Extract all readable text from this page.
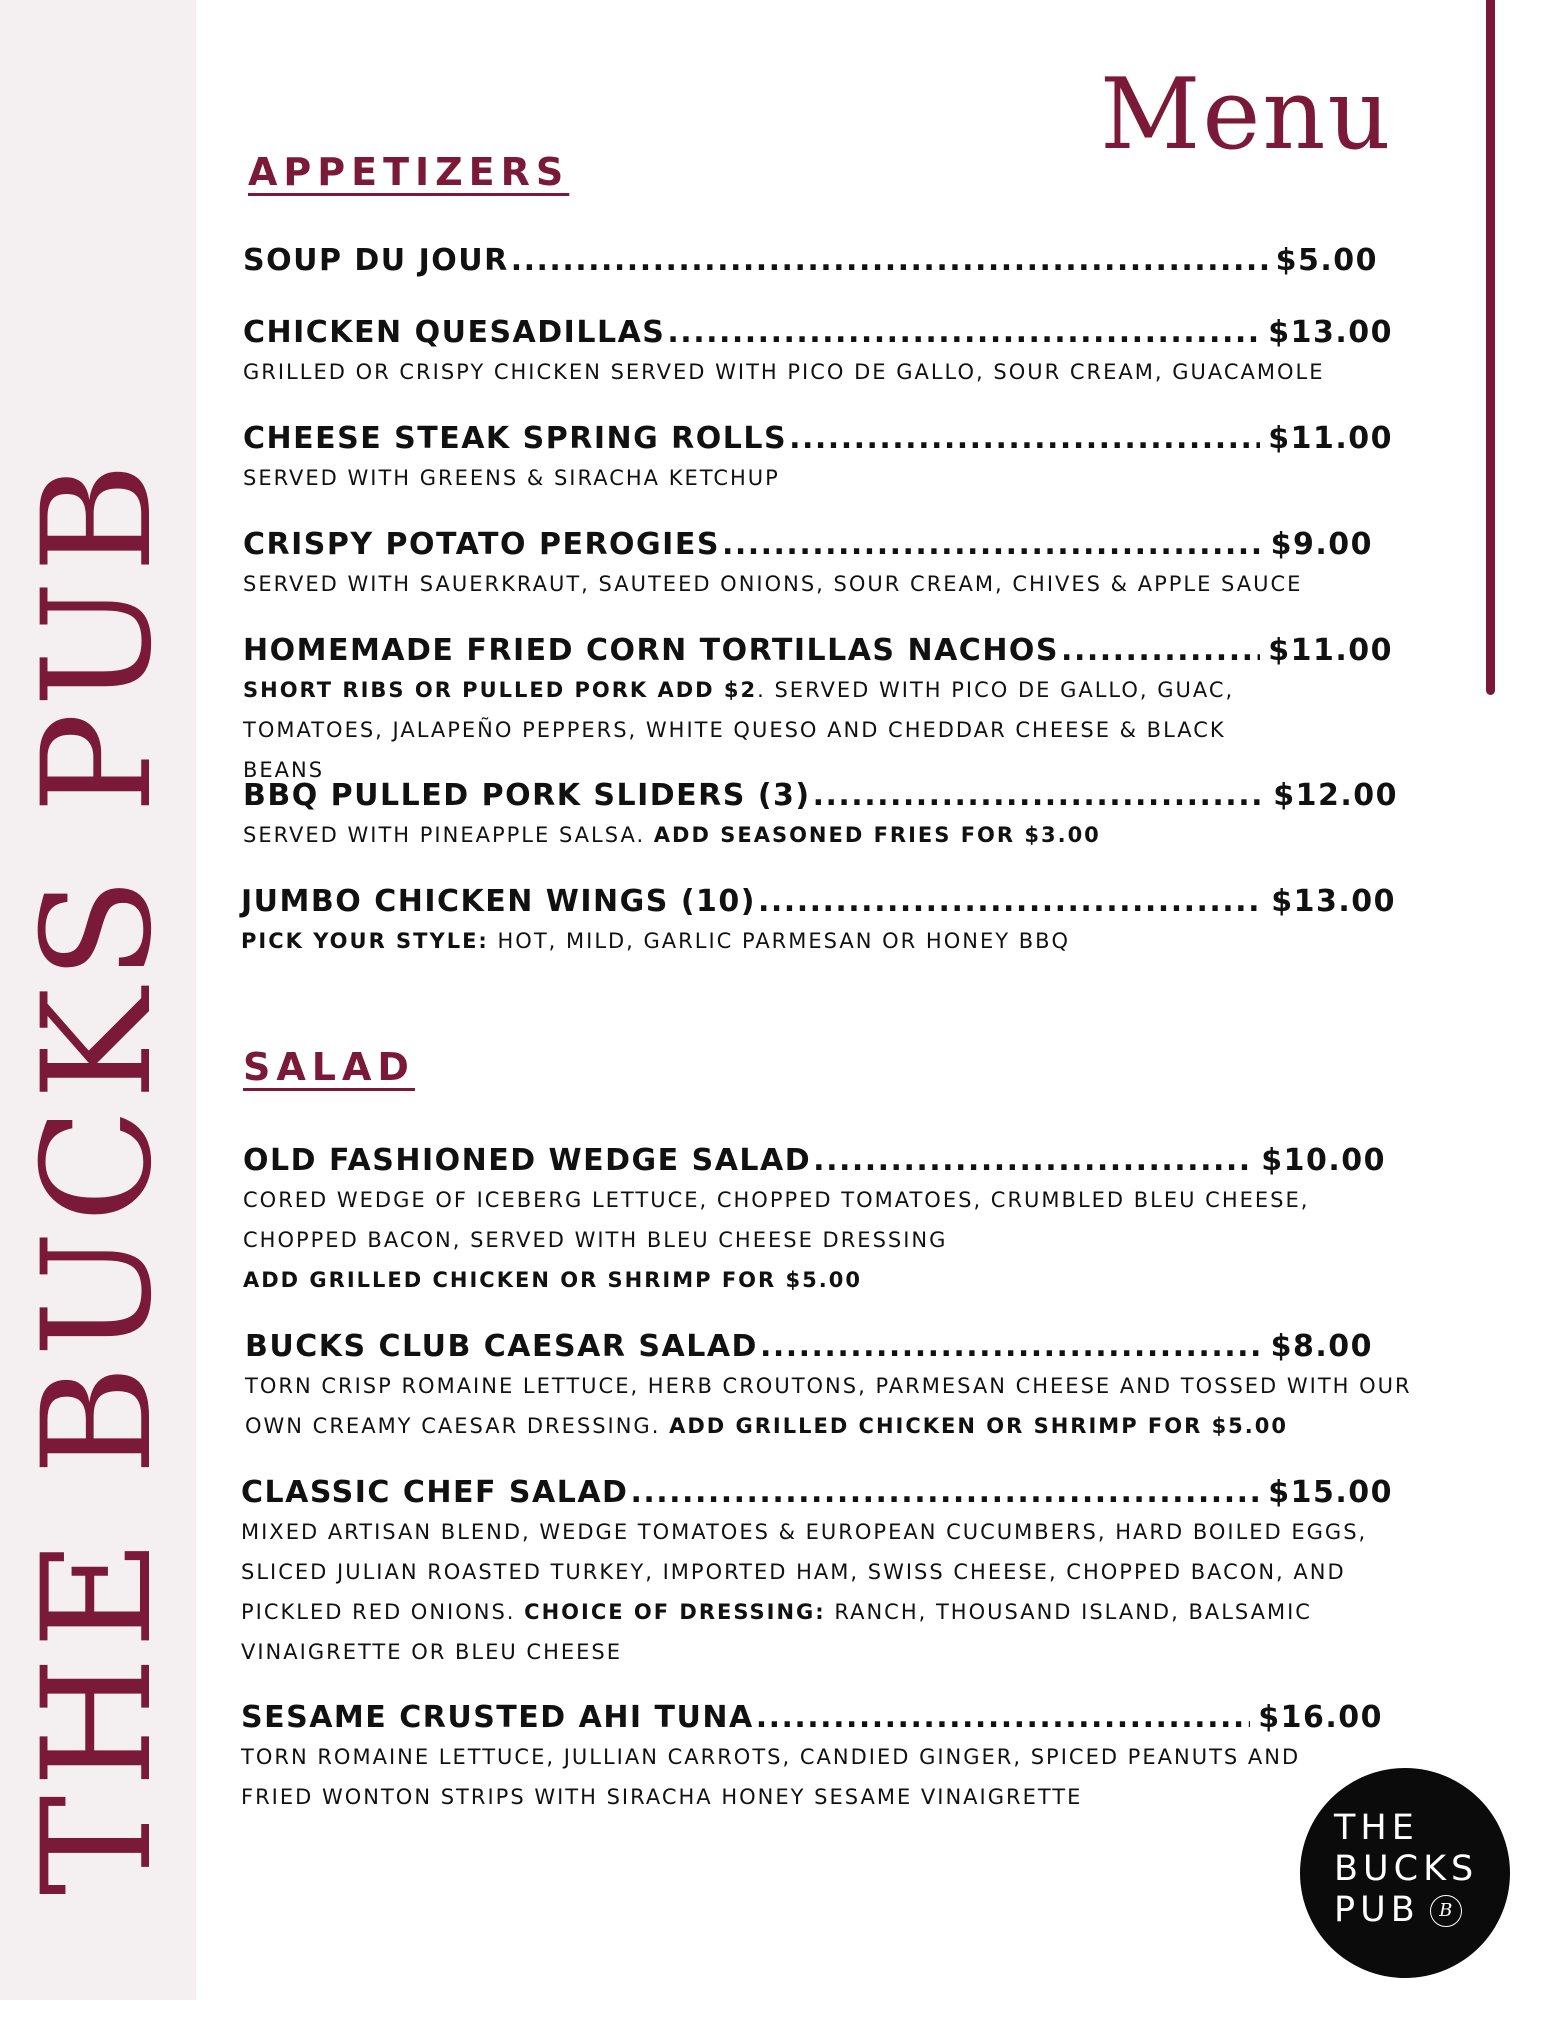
THE BUCKS PUB
Menu
APPETIZERS
SOUP DU JOUR .....	$5.00
CHICKEN QUESADILLAS .....	$13.00
GRILLED OR CRISPY CHICKEN SERVED WITH PICO DE GALLO, SOUR CREAM, GUACAMOLE
CHEESE STEAK SPRING ROLLS .....	$11.00
SERVED WITH GREENS & SIRACHA KETCHUP
CRISPY POTATO PEROGIES .....	$9.00
SERVED WITH SAUERKRAUT, SAUTEED ONIONS, SOUR CREAM, CHIVES & APPLE SAUCE
HOMEMADE FRIED CORN TORTILLAS NACHOS .....	$11.00
SHORT RIBS OR PULLED PORK ADD $2. SERVED WITH PICO DE GALLO, GUAC, TOMATOES, JALAPEÑO PEPPERS, WHITE QUESO AND CHEDDAR CHEESE & BLACK BEANS
BBQ PULLED PORK SLIDERS (3) .....	$12.00
SERVED WITH PINEAPPLE SALSA. ADD SEASONED FRIES FOR $3.00
JUMBO CHICKEN WINGS (10) .....	$13.00
PICK YOUR STYLE: HOT, MILD, GARLIC PARMESAN OR HONEY BBQ
SALAD
OLD FASHIONED WEDGE SALAD .....	$10.00
CORED WEDGE OF ICEBERG LETTUCE, CHOPPED TOMATOES, CRUMBLED BLEU CHEESE, CHOPPED BACON, SERVED WITH BLEU CHEESE DRESSING
ADD GRILLED CHICKEN OR SHRIMP FOR $5.00
BUCKS CLUB CAESAR SALAD .....	$8.00
TORN CRISP ROMAINE LETTUCE, HERB CROUTONS, PARMESAN CHEESE AND TOSSED WITH OUR OWN CREAMY CAESAR DRESSING. ADD GRILLED CHICKEN OR SHRIMP FOR $5.00
CLASSIC CHEF SALAD .....	$15.00
MIXED ARTISAN BLEND, WEDGE TOMATOES & EUROPEAN CUCUMBERS, HARD BOILED EGGS, SLICED JULIAN ROASTED TURKEY, IMPORTED HAM, SWISS CHEESE, CHOPPED BACON, AND PICKLED RED ONIONS. CHOICE OF DRESSING: RANCH, THOUSAND ISLAND, BALSAMIC VINAIGRETTE OR BLEU CHEESE
SESAME CRUSTED AHI TUNA .....	$16.00
TORN ROMAINE LETTUCE, JULLIAN CARROTS, CANDIED GINGER, SPICED PEANUTS AND FRIED WONTON STRIPS WITH SIRACHA HONEY SESAME VINAIGRETTE
THE
BUCKS
PUB B
